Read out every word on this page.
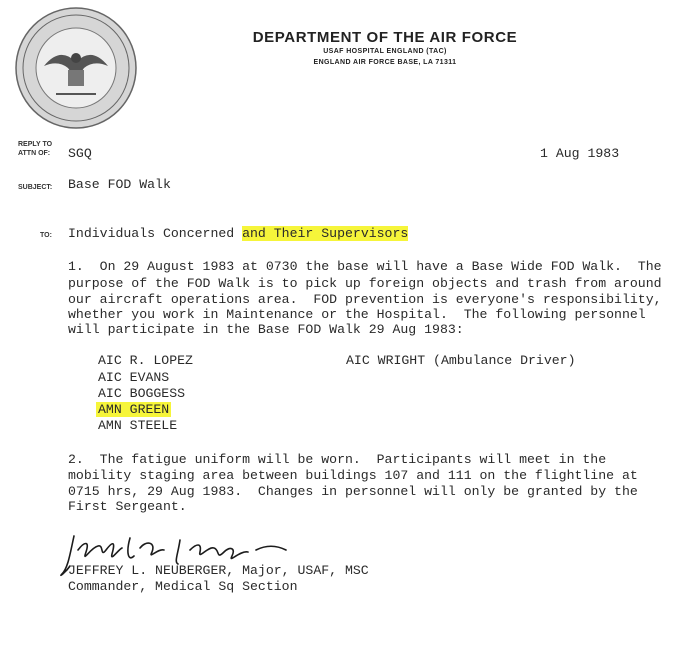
DEPARTMENT OF THE AIR FORCE
USAF HOSPITAL ENGLAND (TAC)
ENGLAND AIR FORCE BASE, LA 71311
REPLY TO
ATTN OF: SGQ	1 Aug 1983
SUBJECT: Base FOD Walk
TO: Individuals Concerned and Their Supervisors
1.  On 29 August 1983 at 0730 the base will have a Base Wide FOD Walk.  The
purpose of the FOD Walk is to pick up foreign objects and trash from around
our aircraft operations area.  FOD prevention is everyone's responsibility,
whether you work in Maintenance or the Hospital.  The following personnel
will participate in the Base FOD Walk 29 Aug 1983:
AIC R. LOPEZ
AIC EVANS
AIC BOGGESS
AMN GREEN
AMN STEELE
AIC WRIGHT (Ambulance Driver)
2.  The fatigue uniform will be worn.  Participants will meet in the
mobility staging area between buildings 107 and 111 on the flightline at
0715 hrs, 29 Aug 1983.  Changes in personnel will only be granted by the
First Sergeant.
JEFFREY L. NEUBERGER, Major, USAF, MSC
Commander, Medical Sq Section
